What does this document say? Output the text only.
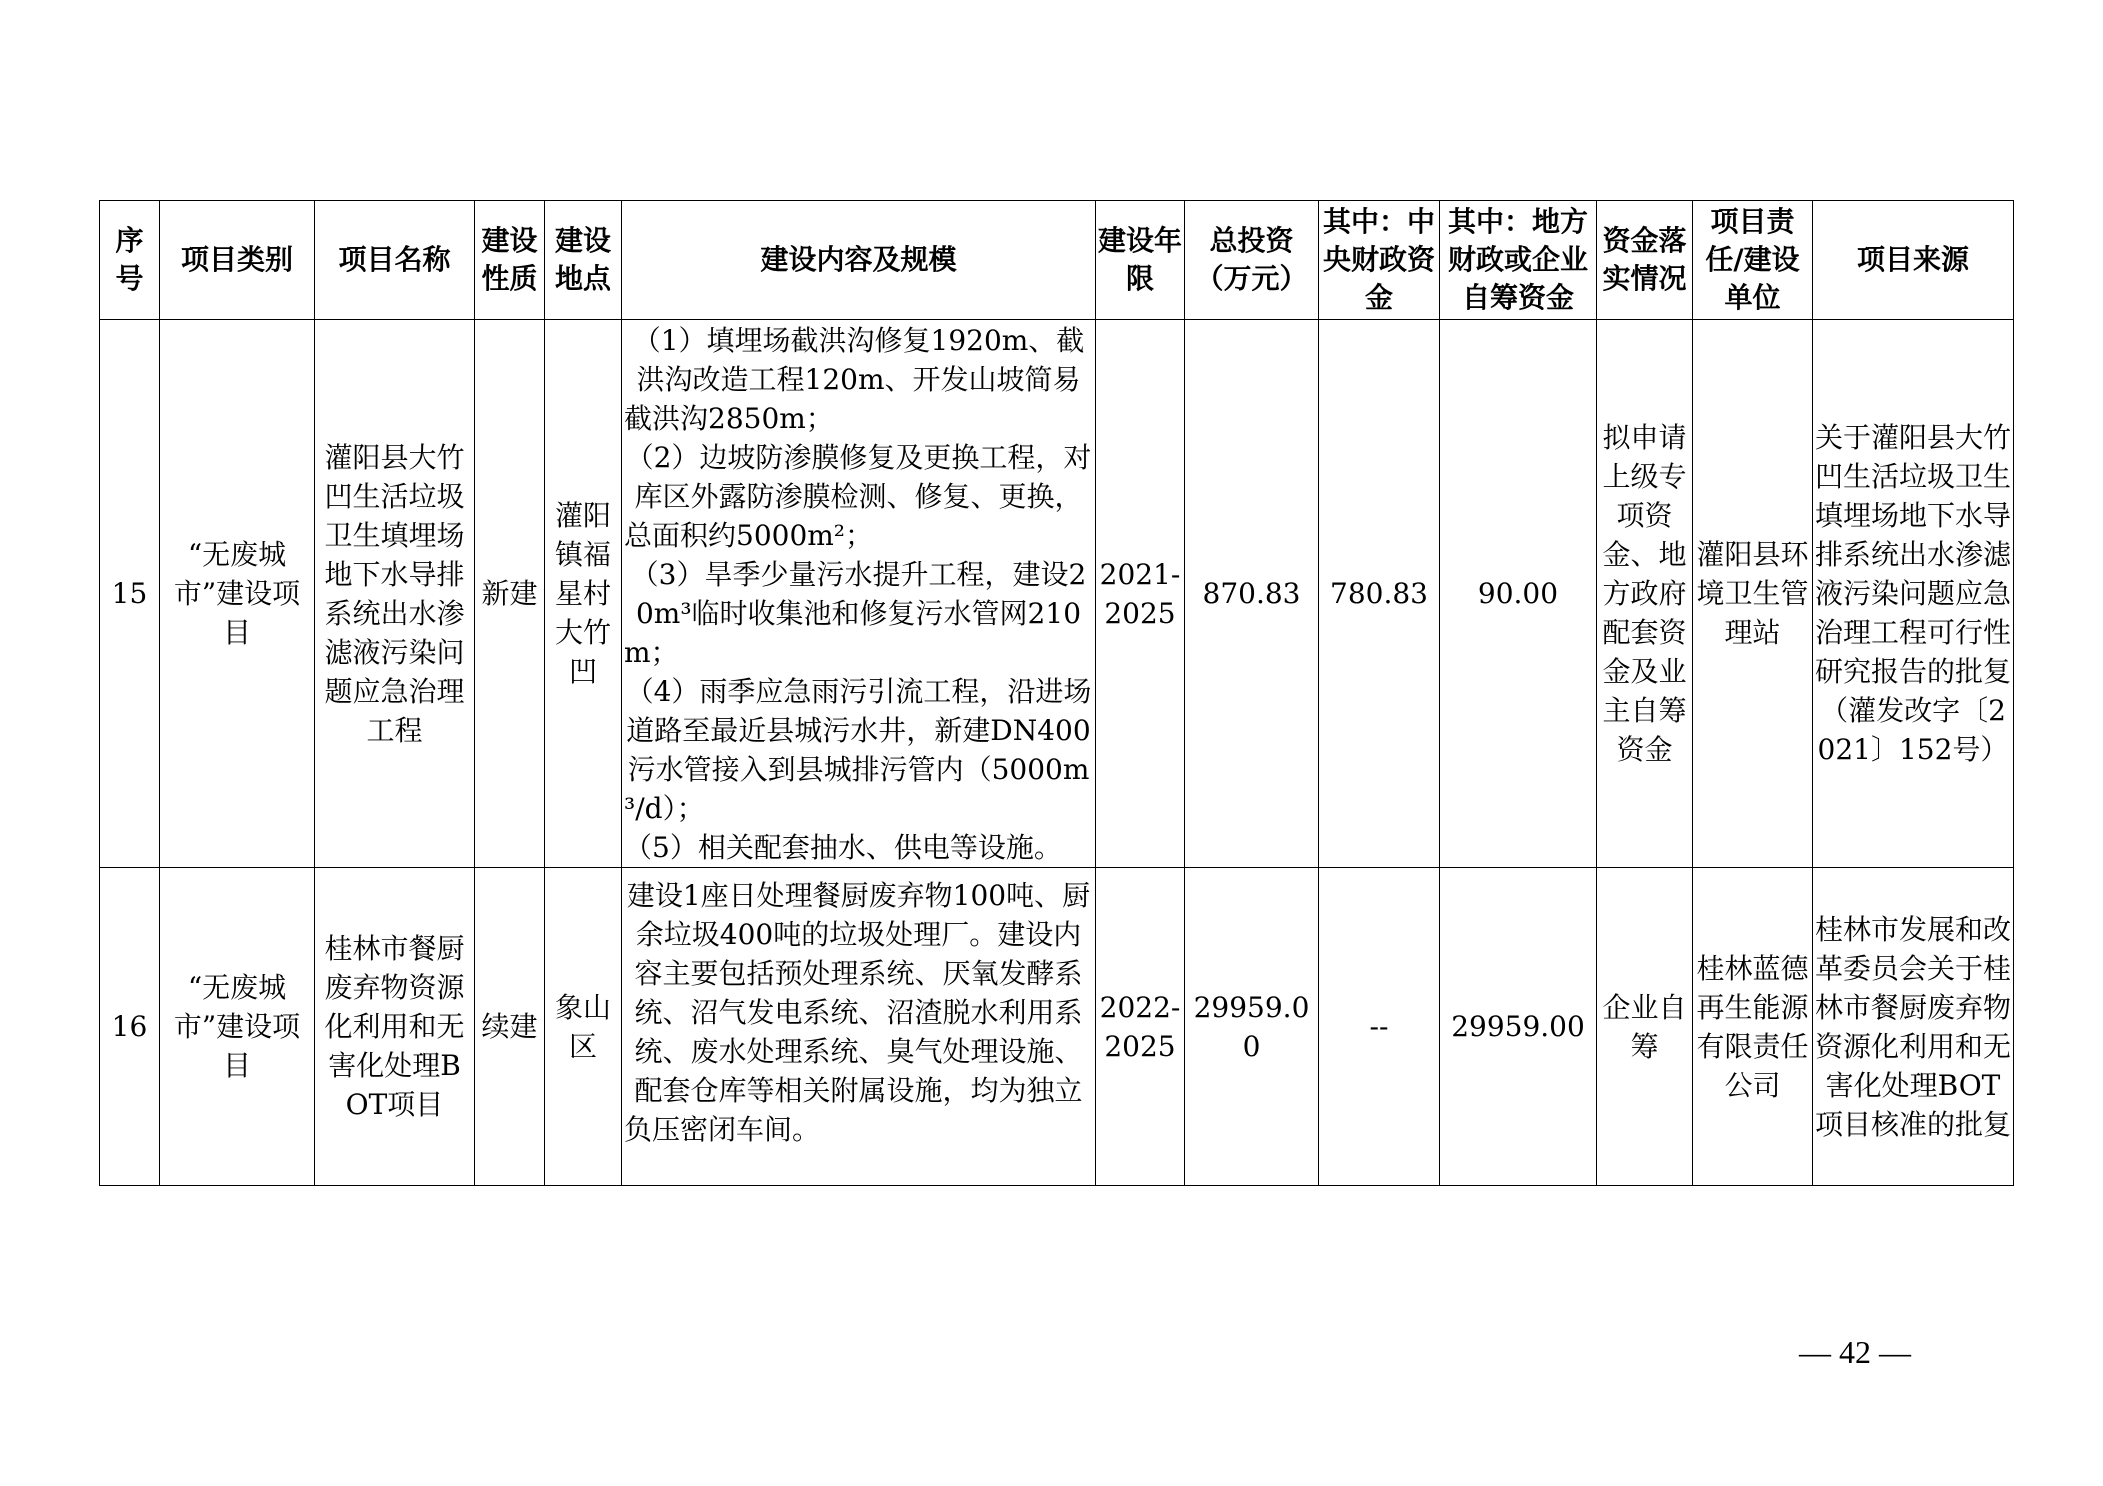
序号	项目类别	项目名称	建设性质	建设地点	建设内容及规模	建设年限	总投资（万元）	其中：中央财政资金	其中：地方财政或企业自筹资金	资金落实情况	项目责任/建设单位	项目来源
15	“无废城市”建设项目	灌阳县大竹凹生活垃圾卫生填埋场地下水导排系统出水渗滤液污染问题应急治理工程	新建	灌阳镇福星村大竹凹	（1）填埋场截洪沟修复1920m、截洪沟改造工程120m、开发山坡简易截洪沟2850m；
（2）边坡防渗膜修复及更换工程，对库区外露防渗膜检测、修复、更换，总面积约5000m²；
（3）旱季少量污水提升工程，建设20m³临时收集池和修复污水管网210m；
（4）雨季应急雨污引流工程，沿进场道路至最近县城污水井，新建DN400污水管接入到县城排污管内（5000m³/d）；
（5）相关配套抽水、供电等设施。	2021-2025	870.83	780.83	90.00	拟申请上级专项资金、地方政府配套资金及业主自筹资金	灌阳县环境卫生管理站	关于灌阳县大竹凹生活垃圾卫生填埋场地下水导排系统出水渗滤液污染问题应急治理工程可行性研究报告的批复（灌发改字〔2021〕152号）
16	“无废城市”建设项目	桂林市餐厨废弃物资源化利用和无害化处理BOT项目	续建	象山区	建设1座日处理餐厨废弃物100吨、厨余垃圾400吨的垃圾处理厂。建设内容主要包括预处理系统、厌氧发酵系统、沼气发电系统、沼渣脱水利用系统、废水处理系统、臭气处理设施、配套仓库等相关附属设施，均为独立负压密闭车间。	2022-2025	29959.00	--	29959.00	企业自筹	桂林蓝德再生能源有限责任公司	桂林市发展和改革委员会关于桂林市餐厨废弃物资源化利用和无害化处理BOT项目核准的批复
— 42 —
